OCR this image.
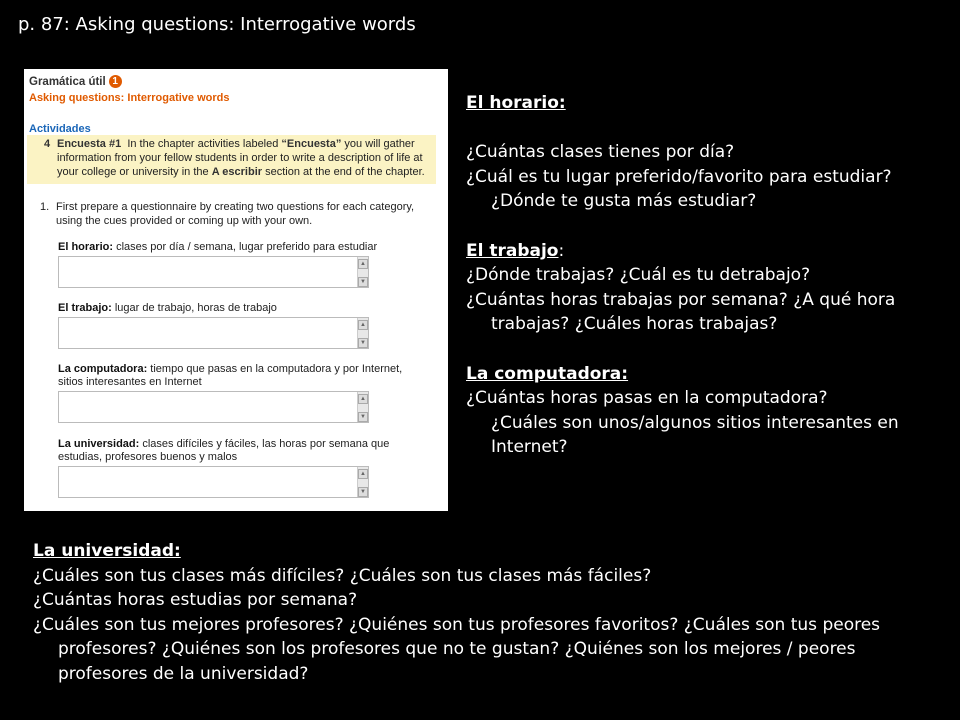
p. 87: Asking questions: Interrogative words
Gramática útil 1
Asking questions: Interrogative words
Actividades
4 Encuesta #1 In the chapter activities labeled “Encuesta” you will gather information from your fellow students in order to write a description of life at your college or university in the A escribir section at the end of the chapter.
1. First prepare a questionnaire by creating two questions for each category, using the cues provided or coming up with your own.
El horario: clases por día / semana, lugar preferido para estudiar
▲
▼
El trabajo: lugar de trabajo, horas de trabajo
▲
▼
La computadora: tiempo que pasas en la computadora y por Internet, sitios interesantes en Internet
▲
▼
La universidad: clases difíciles y fáciles, las horas por semana que estudias, profesores buenos y malos
▲
▼

El horario:

¿Cuántas clases tienes por día?

¿Cuál es tu lugar preferido/favorito para estudiar? ¿Dónde te gusta más estudiar?

El trabajo:

¿Dónde trabajas? ¿Cuál es tu detrabajo?

¿Cuántas horas trabajas por semana? ¿A qué hora trabajas? ¿Cuáles horas trabajas?

La computadora:

¿Cuántas horas pasas en la computadora?

¿Cuáles son unos/algunos sitios interesantes en Internet?

La universidad:

¿Cuáles son tus clases más difíciles? ¿Cuáles son tus clases más fáciles?

¿Cuántas horas estudias por semana?

¿Cuáles son tus mejores profesores? ¿Quiénes son tus profesores favoritos? ¿Cuáles son tus peores profesores? ¿Quiénes son los profesores que no te gustan? ¿Quiénes son los mejores / peores profesores de la universidad?
